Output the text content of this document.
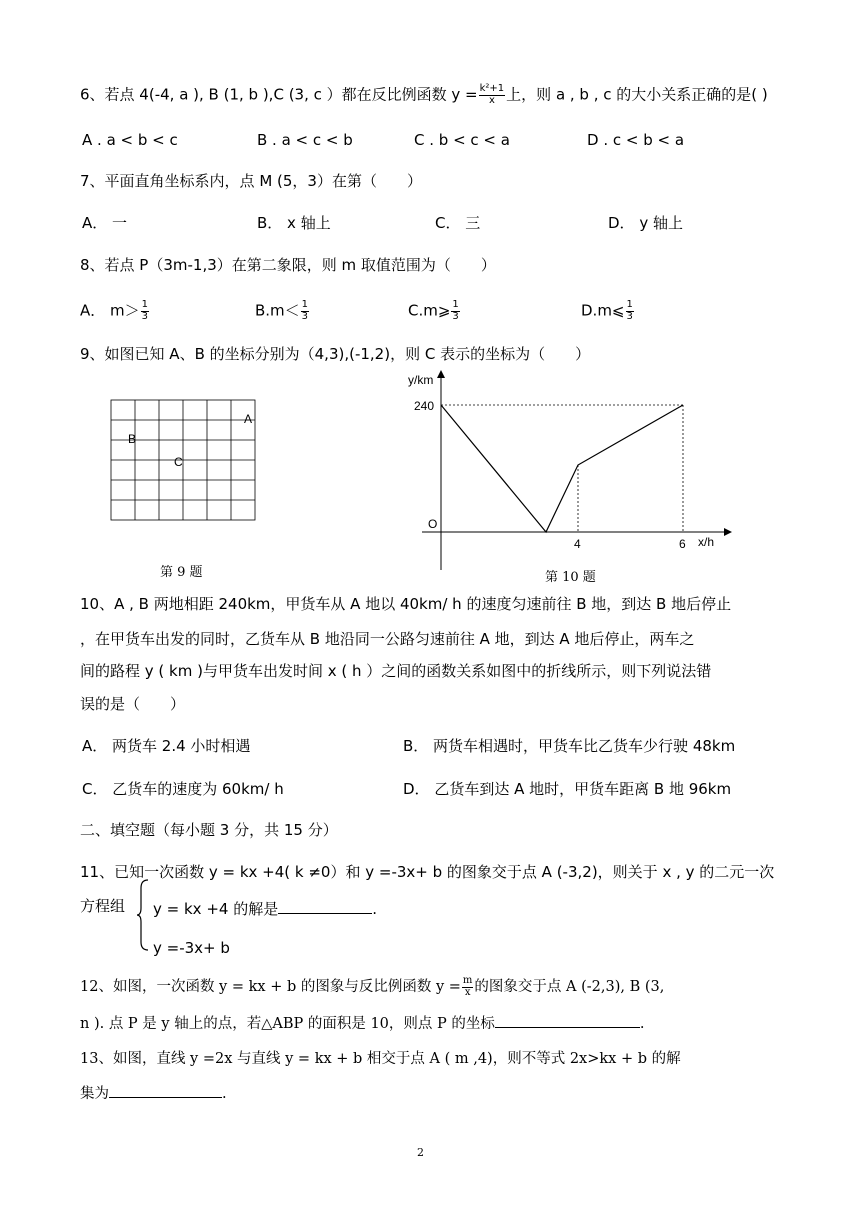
6、若点 4(-4, a ), B (1, b ),C (3, c ）都在反比例函数 $y = \frac{\text{k²+1}}{x}$ 上，则 a , b , c 的大小关系正确的是( )
A . a < b < c	B . a < c < b	C . b < c < a	D . c < b < a
7、平面直角坐标系内，点 M (5，3）在第（　　）
A． 一	B． x 轴上	C． 三	D． y 轴上
8、若点 P（3m-1,3）在第二象限，则 m 取值范围为（　　）
A． $m> \frac{1}{3}$	$B.m< \frac{1}{3}$	C.m⩾ $\frac{1}{3}$	D.m⩽ $\frac{1}{3}$
9、如图已知 A、B 的坐标分别为（4,3),(-1,2)，则 C 表示的坐标为（　　）
A
B
C
第 9 题
y/km
240
O
4	6 x/h
第 10 题
10、A , B 两地相距 240km，甲货车从 A 地以 40km/ h 的速度匀速前往 B 地，到达 B 地后停止
，在甲货车出发的同时，乙货车从 B 地沿同一公路匀速前往 A 地，到达 A 地后停止，两车之
间的路程 y ( km )与甲货车出发时间 x ( h ）之间的函数关系如图中的折线所示，则下列说法错
误的是（　　）
A． 两货车 2.4 小时相遇	B． 两货车相遇时，甲货车比乙货车少行驶 48km
C． 乙货车的速度为 60km/ h	D． 乙货车到达 A 地时，甲货车距离 B 地 96km
二、填空题（每小题 3 分，共 15 分）
11、已知一次函数 y = kx +4( k ≠0）和 y =-3x+ b 的图象交于点 A (-3,2)，则关于 x , y 的二元一次
方程组 y = kx +4 的解是	.
y =-3x+ b
12、如图，一次函数 y = kx + b 的图象与反比例函数 $y = \frac{m}{x}$ 的图象交于点 A (-2,3), B (3,
n ). 点 P 是 y 轴上的点，若△ABP 的面积是 10，则点 P 的坐标	.
13、如图，直线 y =2x 与直线 y = kx + b 相交于点 A ( m ,4)，则不等式 2x>kx + b 的解
集为	.
2
